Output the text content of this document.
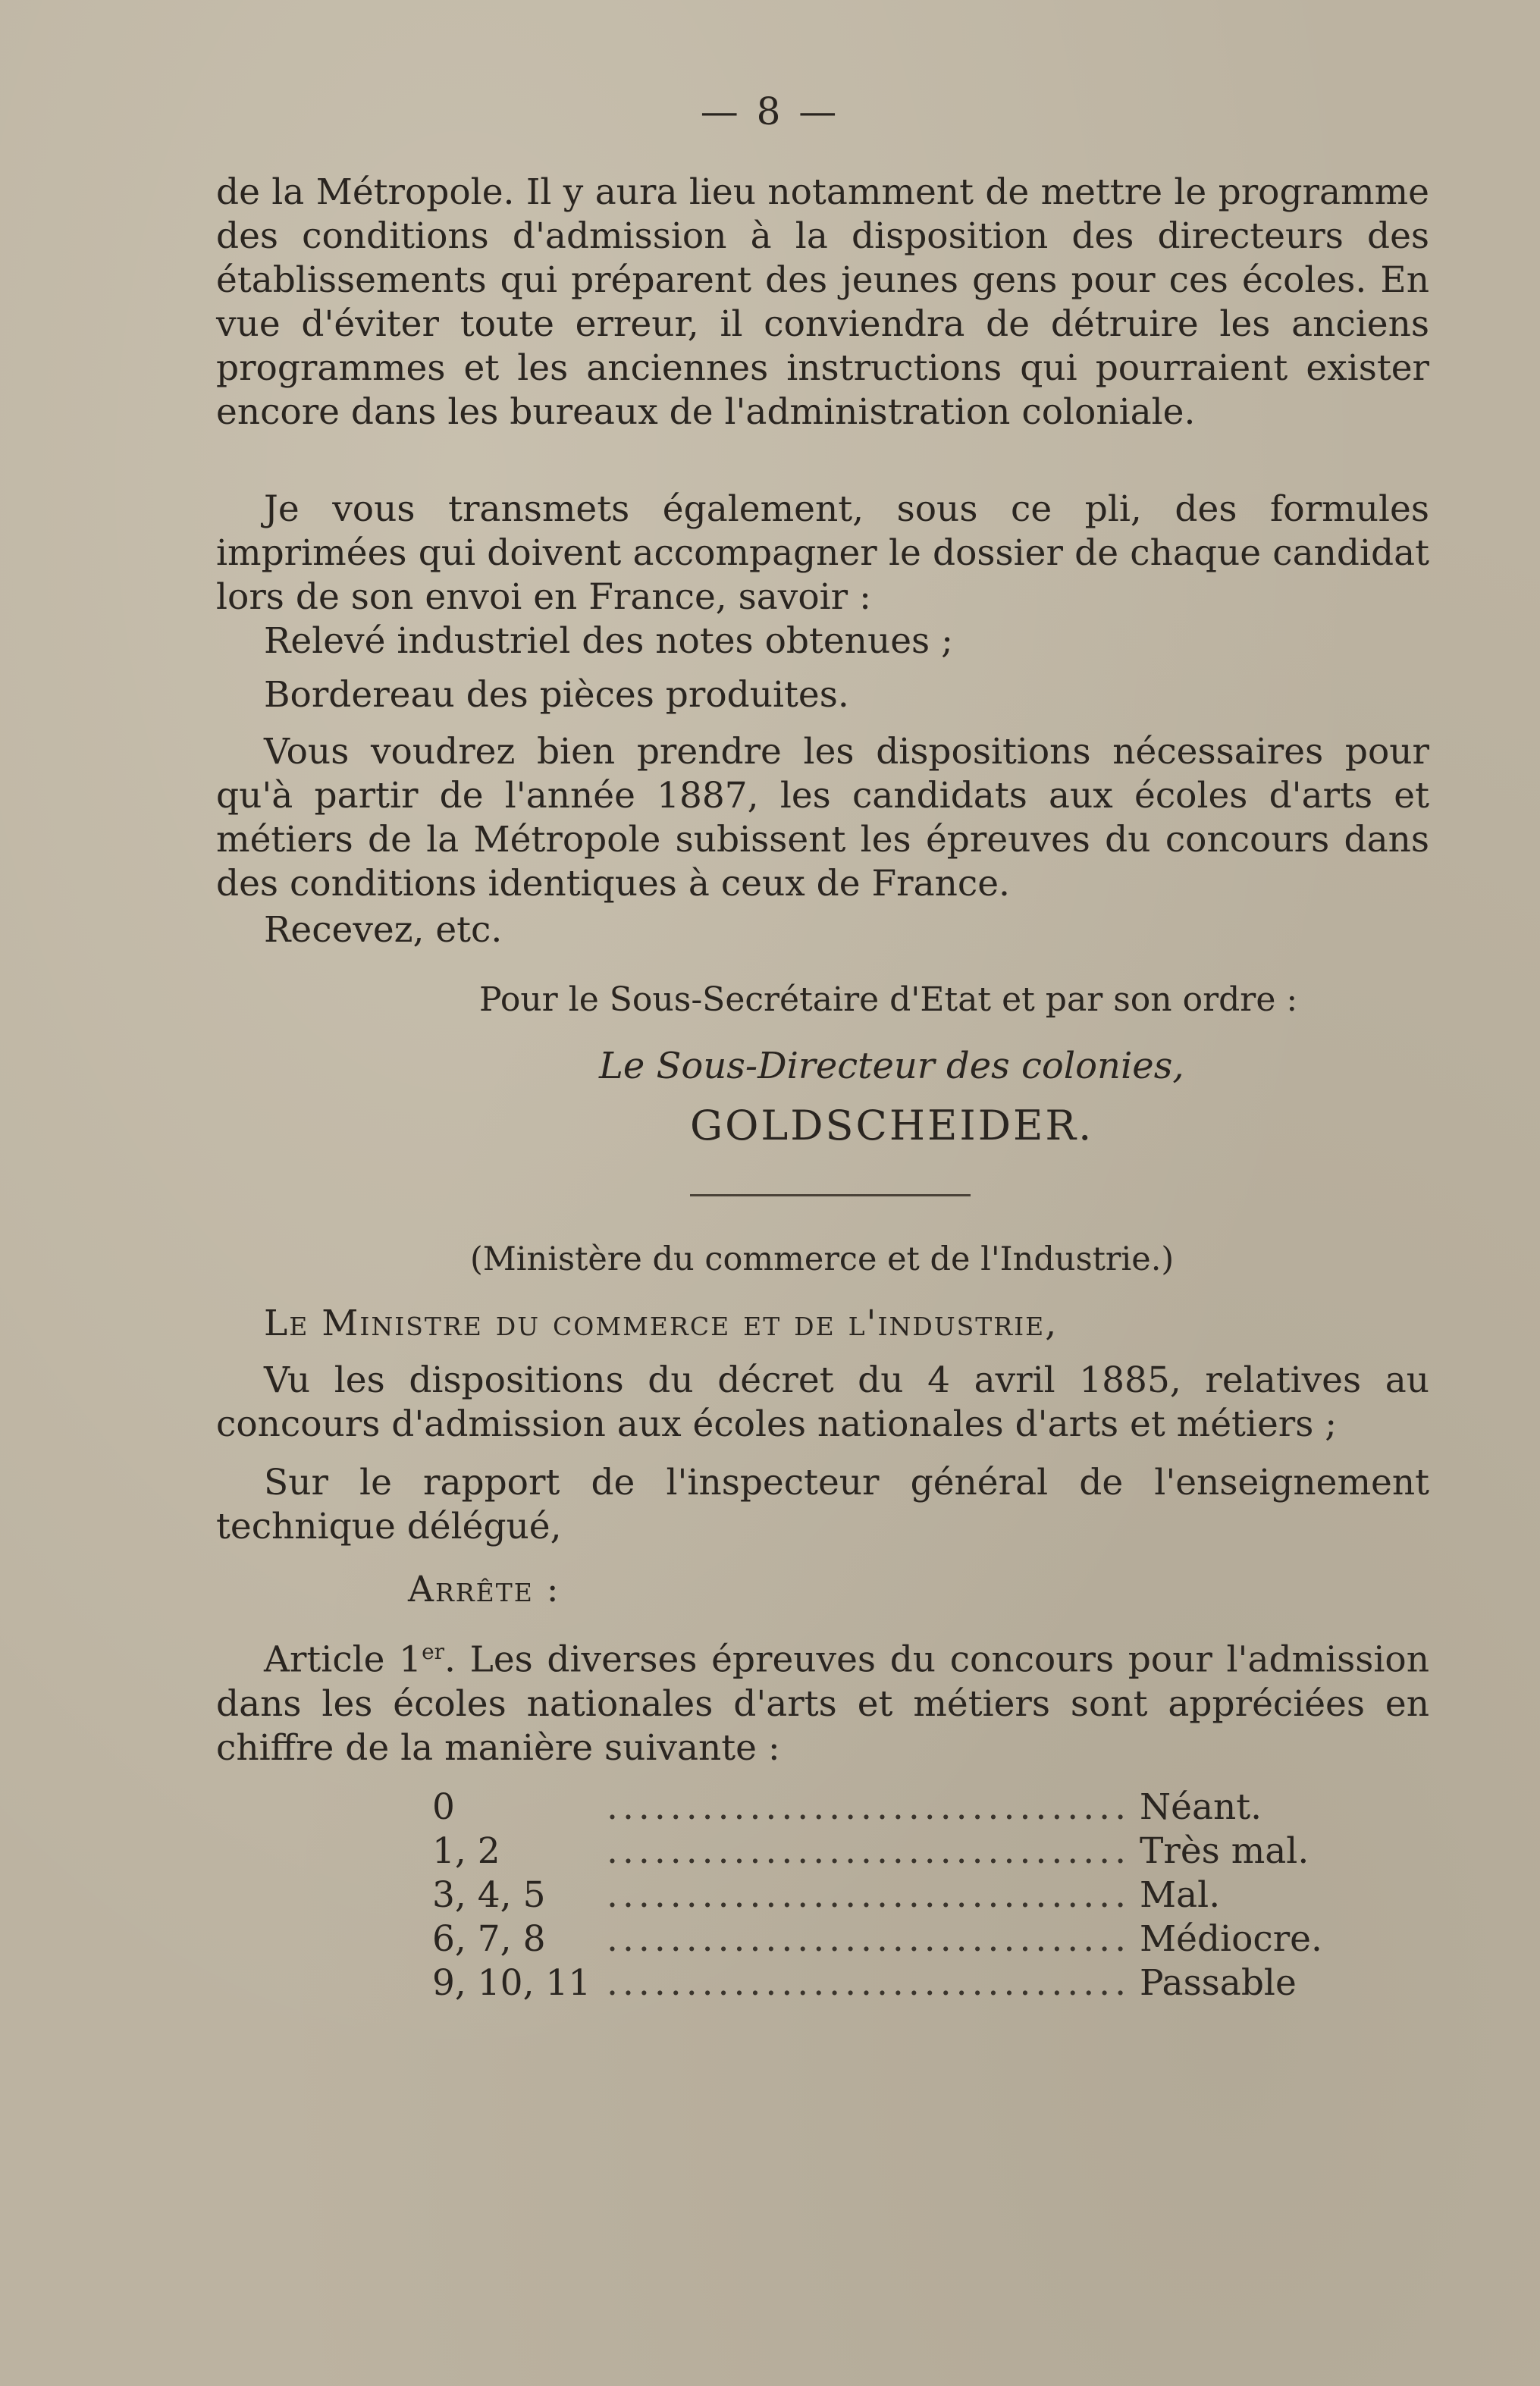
— 8 —
de la Métropole. Il y aura lieu notamment de mettre le programme des conditions d'admission à la disposition des directeurs des établissements qui préparent des jeunes gens pour ces écoles. En vue d'éviter toute erreur, il conviendra de détruire les anciens programmes et les anciennes instructions qui pourraient exister encore dans les bureaux de l'administration coloniale.
Je vous transmets également, sous ce pli, des formules imprimées qui doivent accompagner le dossier de chaque candidat lors de son envoi en France, savoir :
Relevé industriel des notes obtenues ;
Bordereau des pièces produites.
Vous voudrez bien prendre les dispositions nécessaires pour qu'à partir de l'année 1887, les candidats aux écoles d'arts et métiers de la Métropole subissent les épreuves du concours dans des conditions identiques à ceux de France.
Recevez, etc.
Pour le Sous-Secrétaire d'Etat et par son ordre :
Le Sous-Directeur des colonies,
GOLDSCHEIDER.
(Ministère du commerce et de l'Industrie.)
Le Ministre du commerce et de l'industrie,
Vu les dispositions du décret du 4 avril 1885, relatives au concours d'admission aux écoles nationales d'arts et métiers ;
Sur le rapport de l'inspecteur général de l'enseignement technique délégué,
Arrête :
Article 1er. Les diverses épreuves du concours pour l'admission dans les écoles nationales d'arts et métiers sont appréciées en chiffre de la manière suivante :
0	.................................	Néant.
1, 2	.................................	Très mal.
3, 4, 5	.................................	Mal.
6, 7, 8	.................................	Médiocre.
9, 10, 11	.................................	Passable
